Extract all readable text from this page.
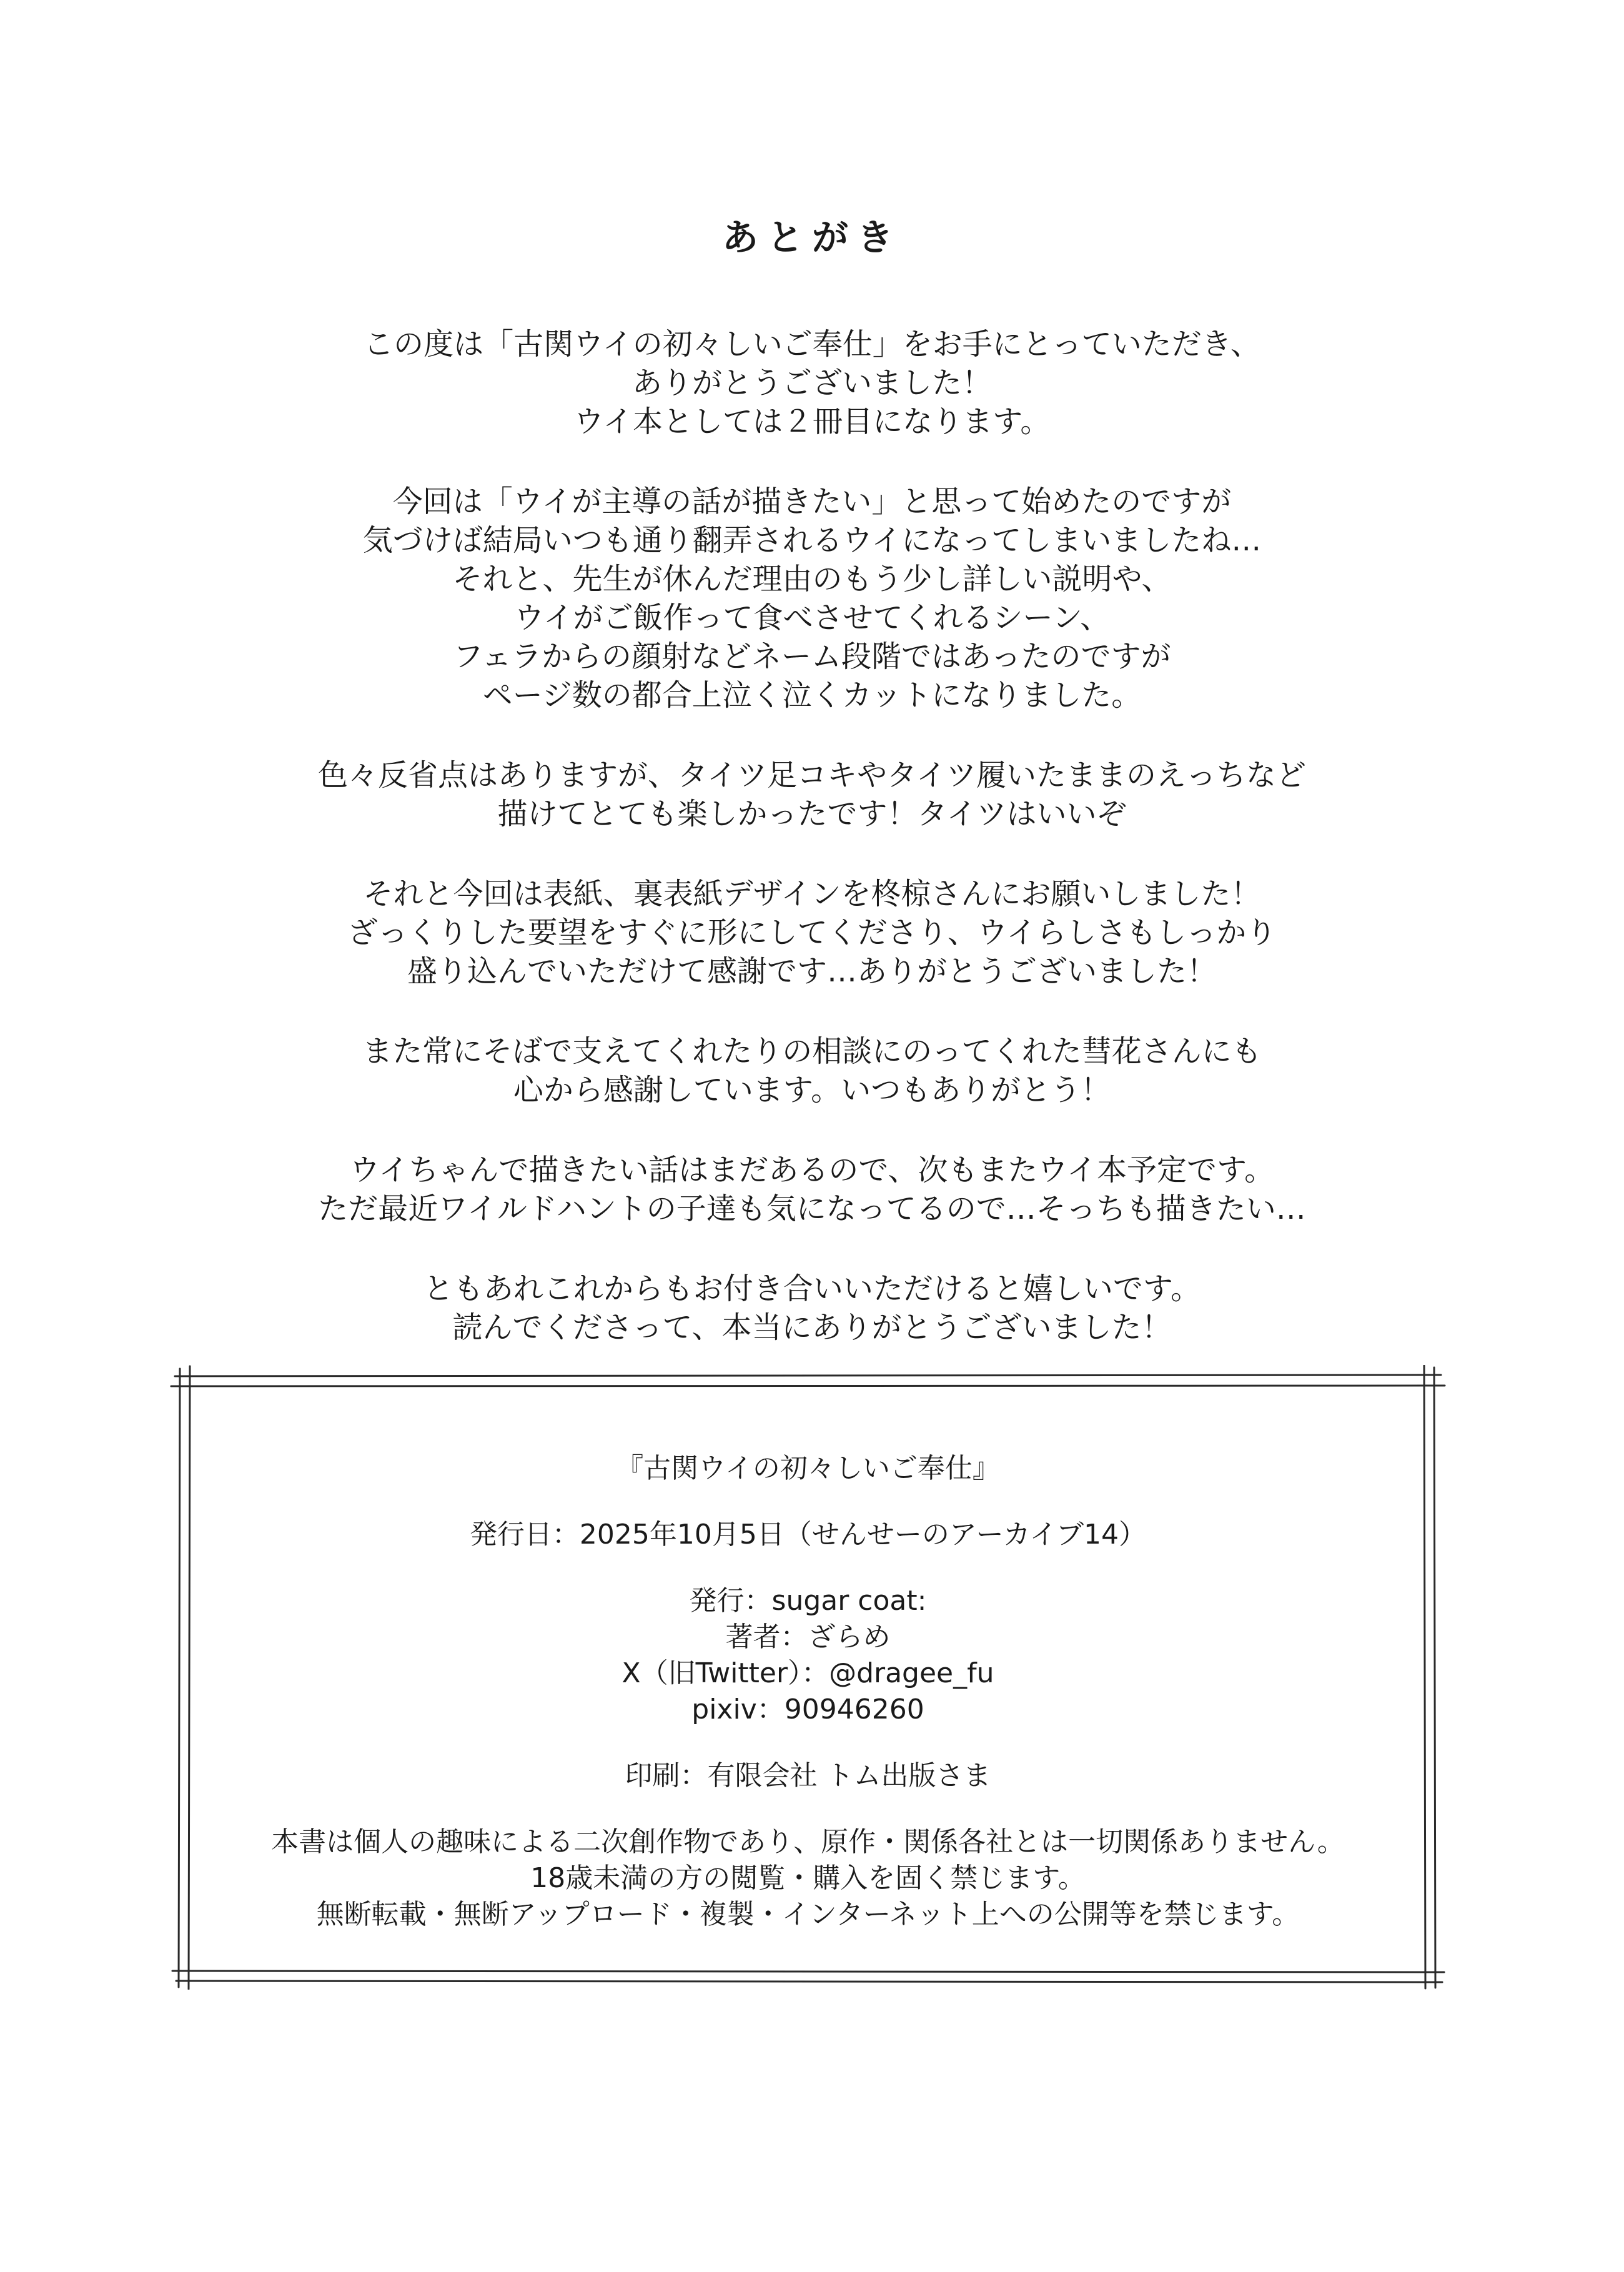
あとがき
この度は「古関ウイの初々しいご奉仕」をお手にとっていただき、
ありがとうございました！
ウイ本としては２冊目になります。
今回は「ウイが主導の話が描きたい」と思って始めたのですが
気づけば結局いつも通り翻弄されるウイになってしまいましたね…
それと、先生が休んだ理由のもう少し詳しい説明や、
ウイがご飯作って食べさせてくれるシーン、
フェラからの顔射などネーム段階ではあったのですが
ページ数の都合上泣く泣くカットになりました。
色々反省点はありますが、タイツ足コキやタイツ履いたままのえっちなど
描けてとても楽しかったです！タイツはいいぞ
それと今回は表紙、裏表紙デザインを柊椋さんにお願いしました！
ざっくりした要望をすぐに形にしてくださり、ウイらしさもしっかり
盛り込んでいただけて感謝です…ありがとうございました！
また常にそばで支えてくれたりの相談にのってくれた彗花さんにも
心から感謝しています。いつもありがとう！
ウイちゃんで描きたい話はまだあるので、次もまたウイ本予定です。
ただ最近ワイルドハントの子達も気になってるので…そっちも描きたい…
ともあれこれからもお付き合いいただけると嬉しいです。
読んでくださって、本当にありがとうございました！
『古関ウイの初々しいご奉仕』
発行日：2025年10月5日（せんせーのアーカイブ14）
発行：sugar coat:
著者：ざらめ
X（旧Twitter）：@dragee_fu
pixiv：90946260
印刷：有限会社 トム出版さま
本書は個人の趣味による二次創作物であり、原作・関係各社とは一切関係ありません。
18歳未満の方の閲覧・購入を固く禁じます。
無断転載・無断アップロード・複製・インターネット上への公開等を禁じます。
